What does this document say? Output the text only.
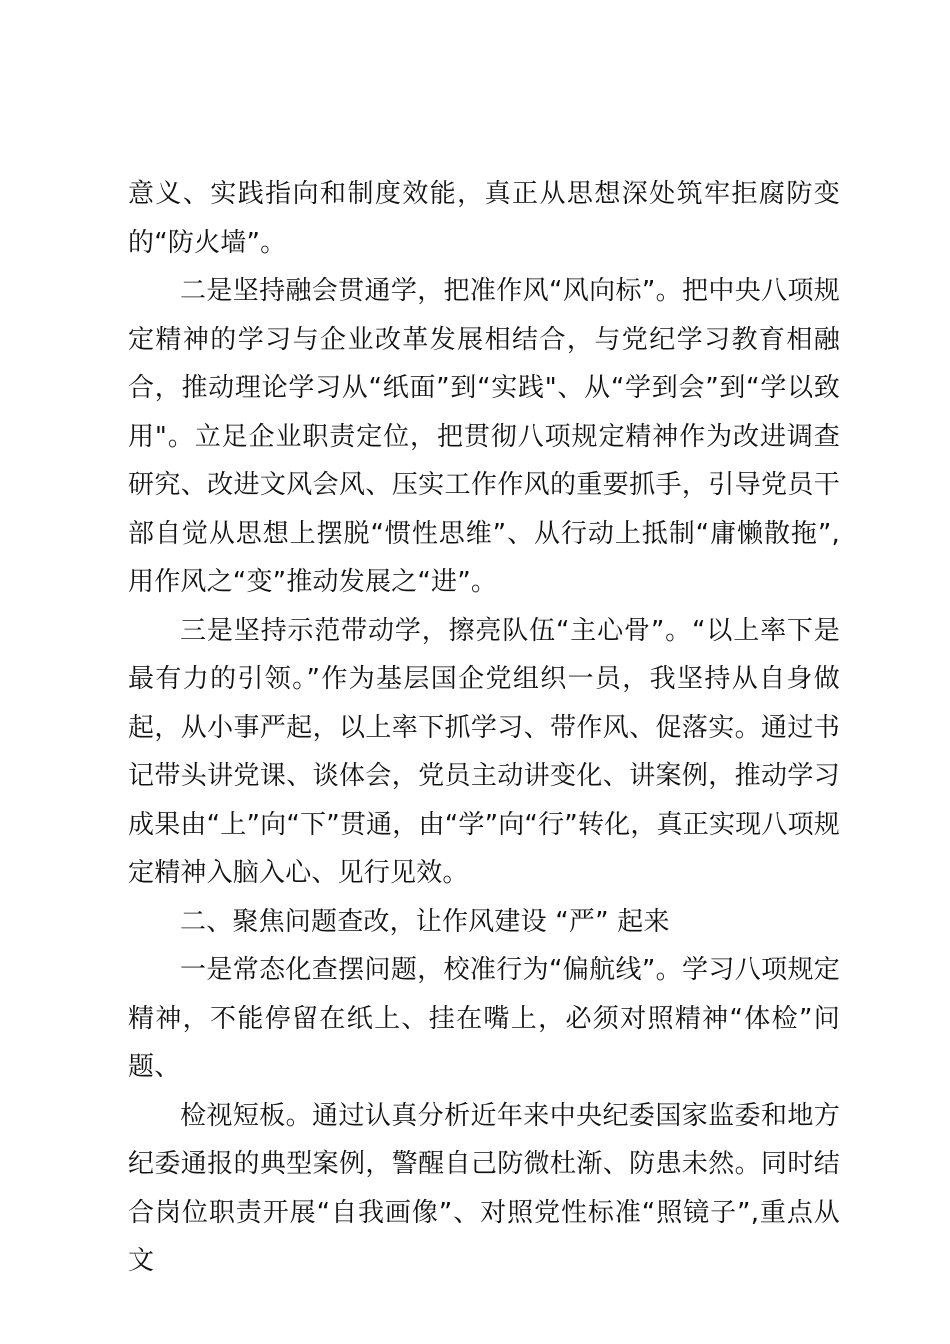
意义、实践指向和制度效能，真正从思想深处筑牢拒腐防变的“防火墙”。

二是坚持融会贯通学，把准作风“风向标”。把中央八项规定精神的学习与企业改革发展相结合，与党纪学习教育相融合，推动理论学习从“纸面”到“实践"、从“学到会”到“学以致用"。立足企业职责定位，把贯彻八项规定精神作为改进调查研究、改进文风会风、压实工作作风的重要抓手，引导党员干部自觉从思想上摆脱“惯性思维”、从行动上抵制“庸懒散拖”,用作风之“变”推动发展之“进”。

三是坚持示范带动学，擦亮队伍“主心骨”。“以上率下是最有力的引领。”作为基层国企党组织一员，我坚持从自身做起，从小事严起，以上率下抓学习、带作风、促落实。通过书记带头讲党课、谈体会，党员主动讲变化、讲案例，推动学习成果由“上”向“下”贯通，由“学”向“行”转化，真正实现八项规定精神入脑入心、见行见效。

二、聚焦问题查改，让作风建设 “严” 起来

一是常态化查摆问题，校准行为“偏航线”。学习八项规定精神，不能停留在纸上、挂在嘴上，必须对照精神“体检”问题、

检视短板。通过认真分析近年来中央纪委国家监委和地方纪委通报的典型案例，警醒自己防微杜渐、防患未然。同时结合岗位职责开展“自我画像”、对照党性标准“照镜子”,重点从文
